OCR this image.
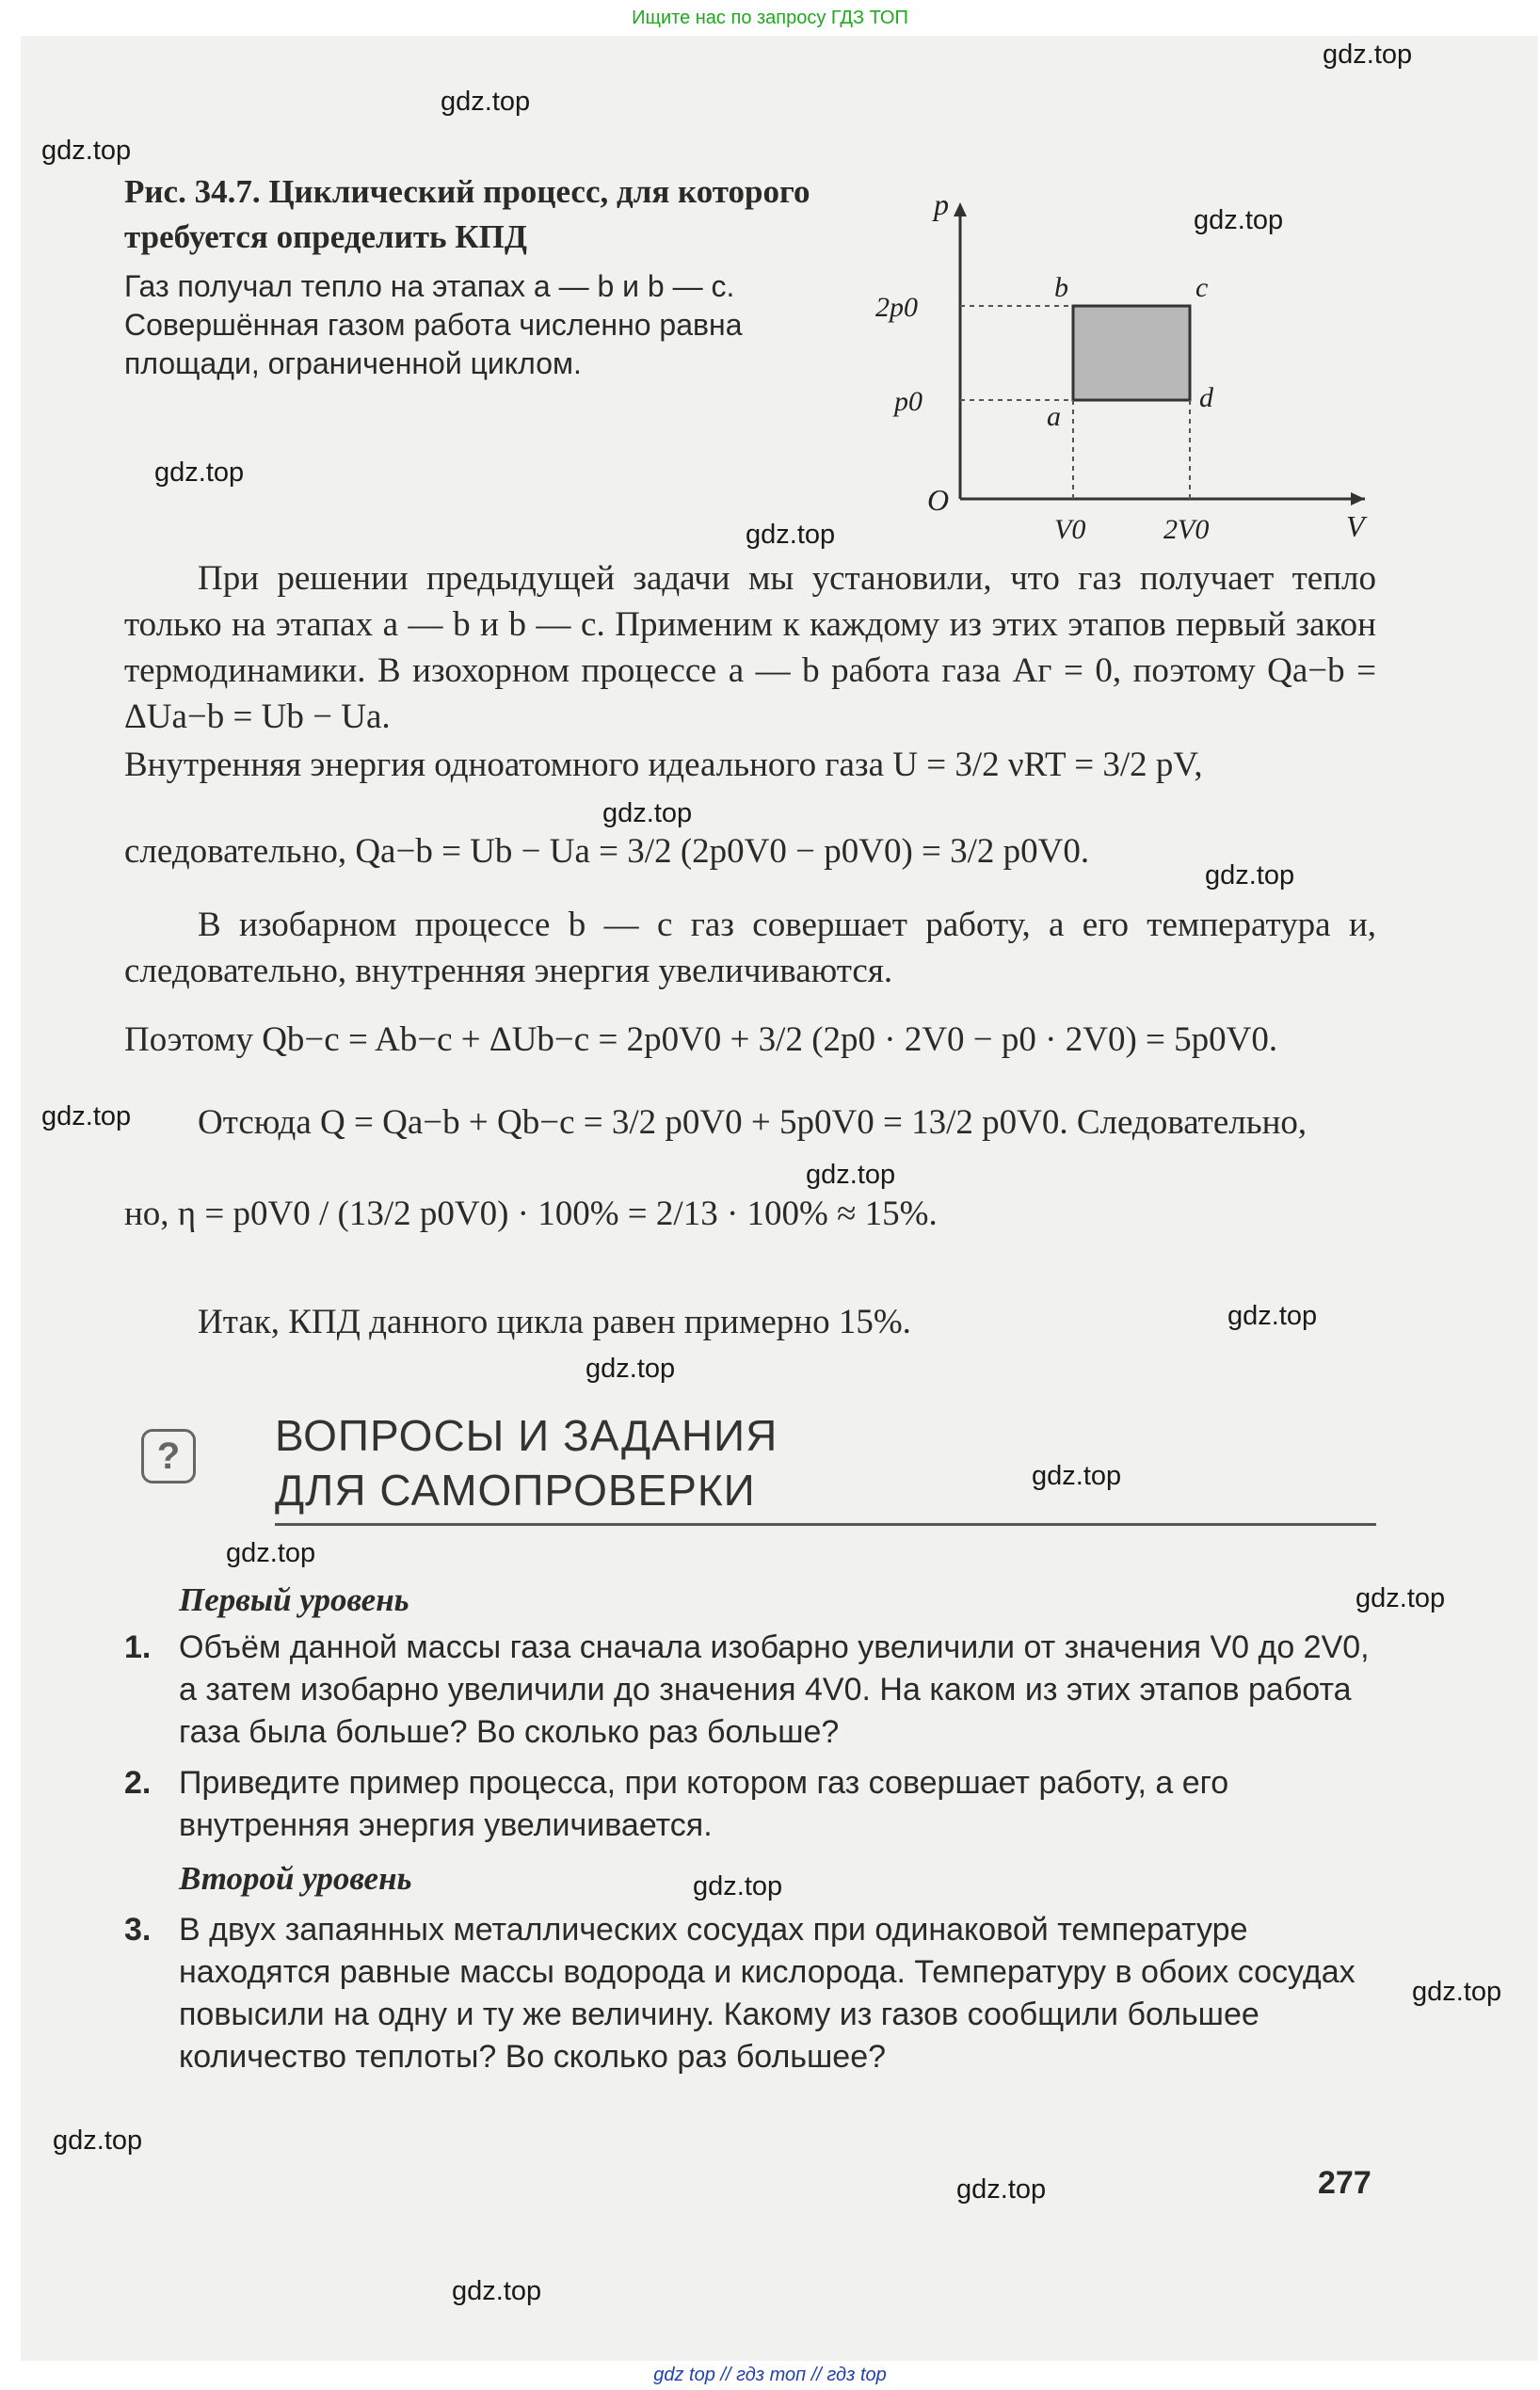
Ищите нас по запросу ГДЗ ТОП
Рис. 34.7. Циклический процесс, для которого требуется определить КПД
Газ получал тепло на этапах a — b и b — c. Совершённая газом работа численно равна площади, ограниченной циклом.
p
V
O
a
b	c
d
2p0
p0
V0	2V0
При решении предыдущей задачи мы установили, что газ получает тепло только на этапах a — b и b — c. Применим к каждому из этих этапов первый закон термодинамики. В изохорном процессе a — b работа газа Aг = 0, поэтому Qa−b = ΔUa−b = Ub − Ua.
Внутренняя энергия одноатомного идеального газа U = 3/2 νRT = 3/2 pV,
следовательно, Qa−b = Ub − Ua = 3/2 (2p0V0 − p0V0) = 3/2 p0V0.
В изобарном процессе b — c газ совершает работу, а его температура и, следовательно, внутренняя энергия увеличиваются.
Поэтому Qb−c = Ab−c + ΔUb−c = 2p0V0 + 3/2 (2p0 · 2V0 − p0 · 2V0) = 5p0V0.
Отсюда Q = Qa−b + Qb−c = 3/2 p0V0 + 5p0V0 = 13/2 p0V0. Следовательно,
но, η = p0V0 / (13/2 p0V0) · 100% = 2/13 · 100% ≈ 15%.
Итак, КПД данного цикла равен примерно 15%.
?	ВОПРОСЫ И ЗАДАНИЯ
ДЛЯ САМОПРОВЕРКИ
Первый уровень
1. Объём данной массы газа сначала изобарно увеличили от значения V0 до 2V0, а затем изобарно увеличили до значения 4V0. На каком из этих этапов работа газа была больше? Во сколько раз больше?
2. Приведите пример процесса, при котором газ совершает работу, а его внутренняя энергия увеличивается.
Второй уровень
3. В двух запаянных металлических сосудах при одинаковой температуре находятся равные массы водорода и кислорода. Температуру в обоих сосудах повысили на одну и ту же величину. Какому из газов сообщили большее количество теплоты? Во сколько раз большее?
277
gdz.top
gdz.top
gdz.top
gdz.top
gdz.top
gdz.top
gdz.top
gdz.top
gdz.top
gdz.top
gdz.top
gdz.top
gdz.top
gdz.top
gdz.top
gdz.top
gdz.top
gdz.top
gdz.top
gdz.top
gdz top // гдз топ // гдз top
